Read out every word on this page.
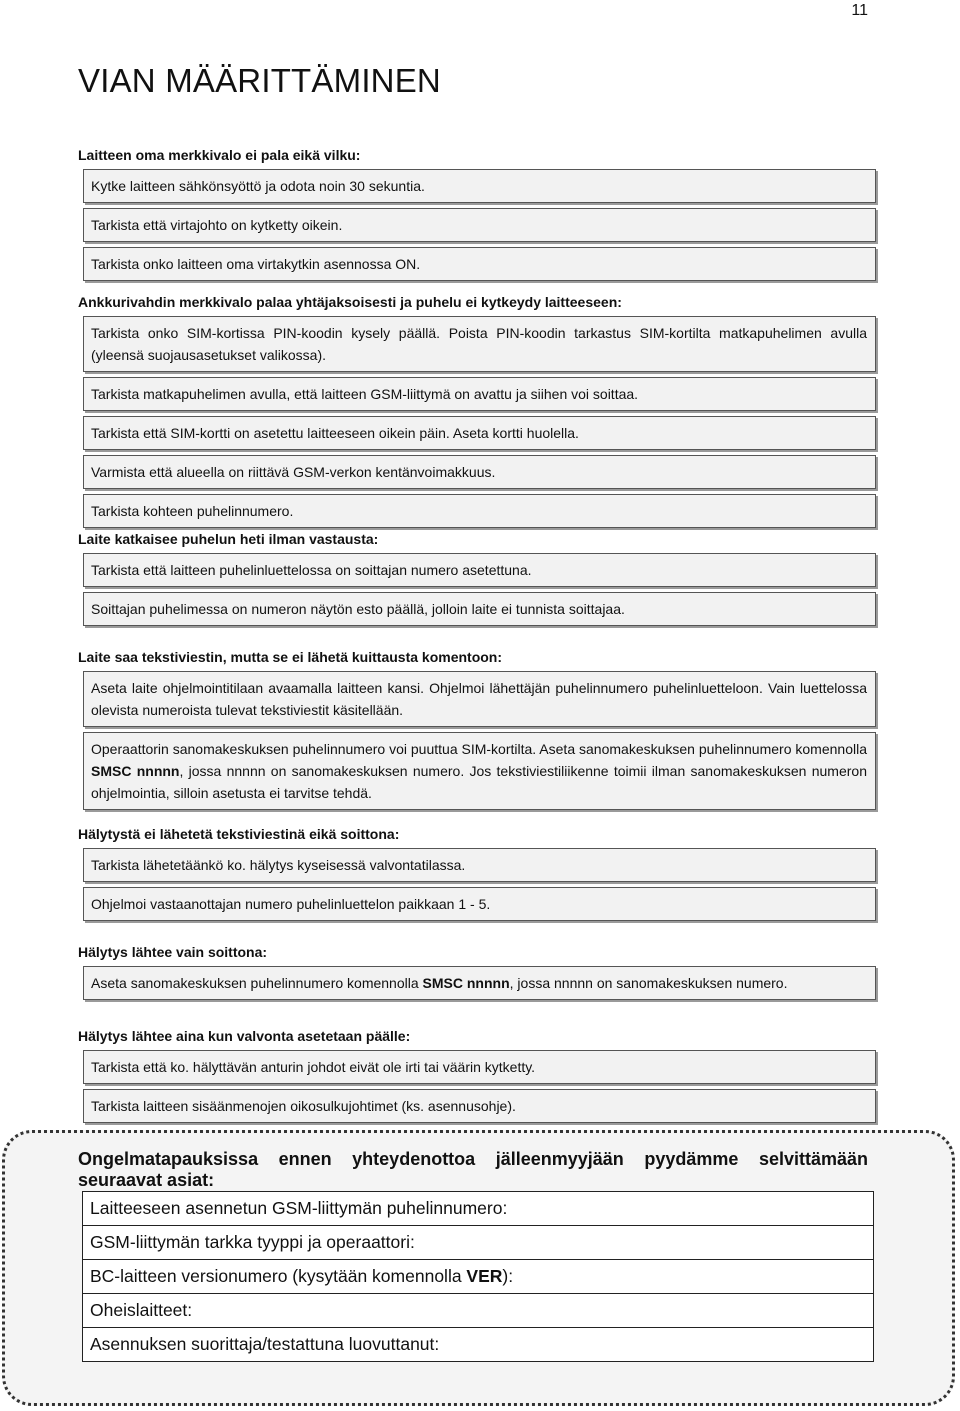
11
VIAN MÄÄRITTÄMINEN
Laitteen oma merkkivalo ei pala eikä vilku:
Kytke laitteen sähkönsyöttö ja odota noin 30 sekuntia.
Tarkista että virtajohto on kytketty oikein.
Tarkista onko laitteen oma virtakytkin asennossa ON.
Ankkurivahdin merkkivalo palaa yhtäjaksoisesti ja puhelu ei kytkeydy laitteeseen:
Tarkista onko SIM-kortissa PIN-koodin kysely päällä. Poista PIN-koodin tarkastus SIM-kortilta matkapuhelimen avulla (yleensä suojausasetukset valikossa).
Tarkista matkapuhelimen avulla, että laitteen GSM-liittymä on avattu ja siihen voi soittaa.
Tarkista että SIM-kortti on asetettu laitteeseen oikein päin. Aseta kortti huolella.
Varmista että alueella on riittävä GSM-verkon kentänvoimakkuus.
Tarkista kohteen puhelinnumero.
Laite katkaisee puhelun heti ilman vastausta:
Tarkista että laitteen puhelinluettelossa on soittajan numero asetettuna.
Soittajan puhelimessa on numeron näytön esto päällä, jolloin laite ei tunnista soittajaa.
Laite saa tekstiviestin, mutta se ei lähetä kuittausta komentoon:
Aseta laite ohjelmointitilaan avaamalla laitteen kansi. Ohjelmoi lähettäjän puhelinnumero puhelinluetteloon. Vain luettelossa olevista numeroista tulevat tekstiviestit käsitellään.
Operaattorin sanomakeskuksen puhelinnumero voi puuttua SIM-kortilta. Aseta sanomakeskuksen puhelinnumero komennolla SMSC nnnnn, jossa nnnnn on sanomakeskuksen numero. Jos tekstiviestiliikenne toimii ilman sanomakeskuksen numeron ohjelmointia, silloin asetusta ei tarvitse tehdä.
Hälytystä ei lähetetä tekstiviestinä eikä soittona:
Tarkista lähetetäänkö ko. hälytys kyseisessä valvontatilassa.
Ohjelmoi vastaanottajan numero puhelinluettelon paikkaan 1 - 5.
Hälytys lähtee vain soittona:
Aseta sanomakeskuksen puhelinnumero komennolla SMSC nnnnn, jossa nnnnn on sanomakeskuksen numero.
Hälytys lähtee aina kun valvonta asetetaan päälle:
Tarkista että ko. hälyttävän anturin johdot eivät ole irti tai väärin kytketty.
Tarkista laitteen sisäänmenojen oikosulkujohtimet (ks. asennusohje).

Ongelmatapauksissa ennen yhteydenottoa jälleenmyyjään pyydämme selvittämään seuraavat asiat:

Laitteeseen asennetun GSM-liittymän puhelinnumero:
GSM-liittymän tarkka tyyppi ja operaattori:
BC-laitteen versionumero (kysytään komennolla VER):
Oheislaitteet:
Asennuksen suorittaja/testattuna luovuttanut:
